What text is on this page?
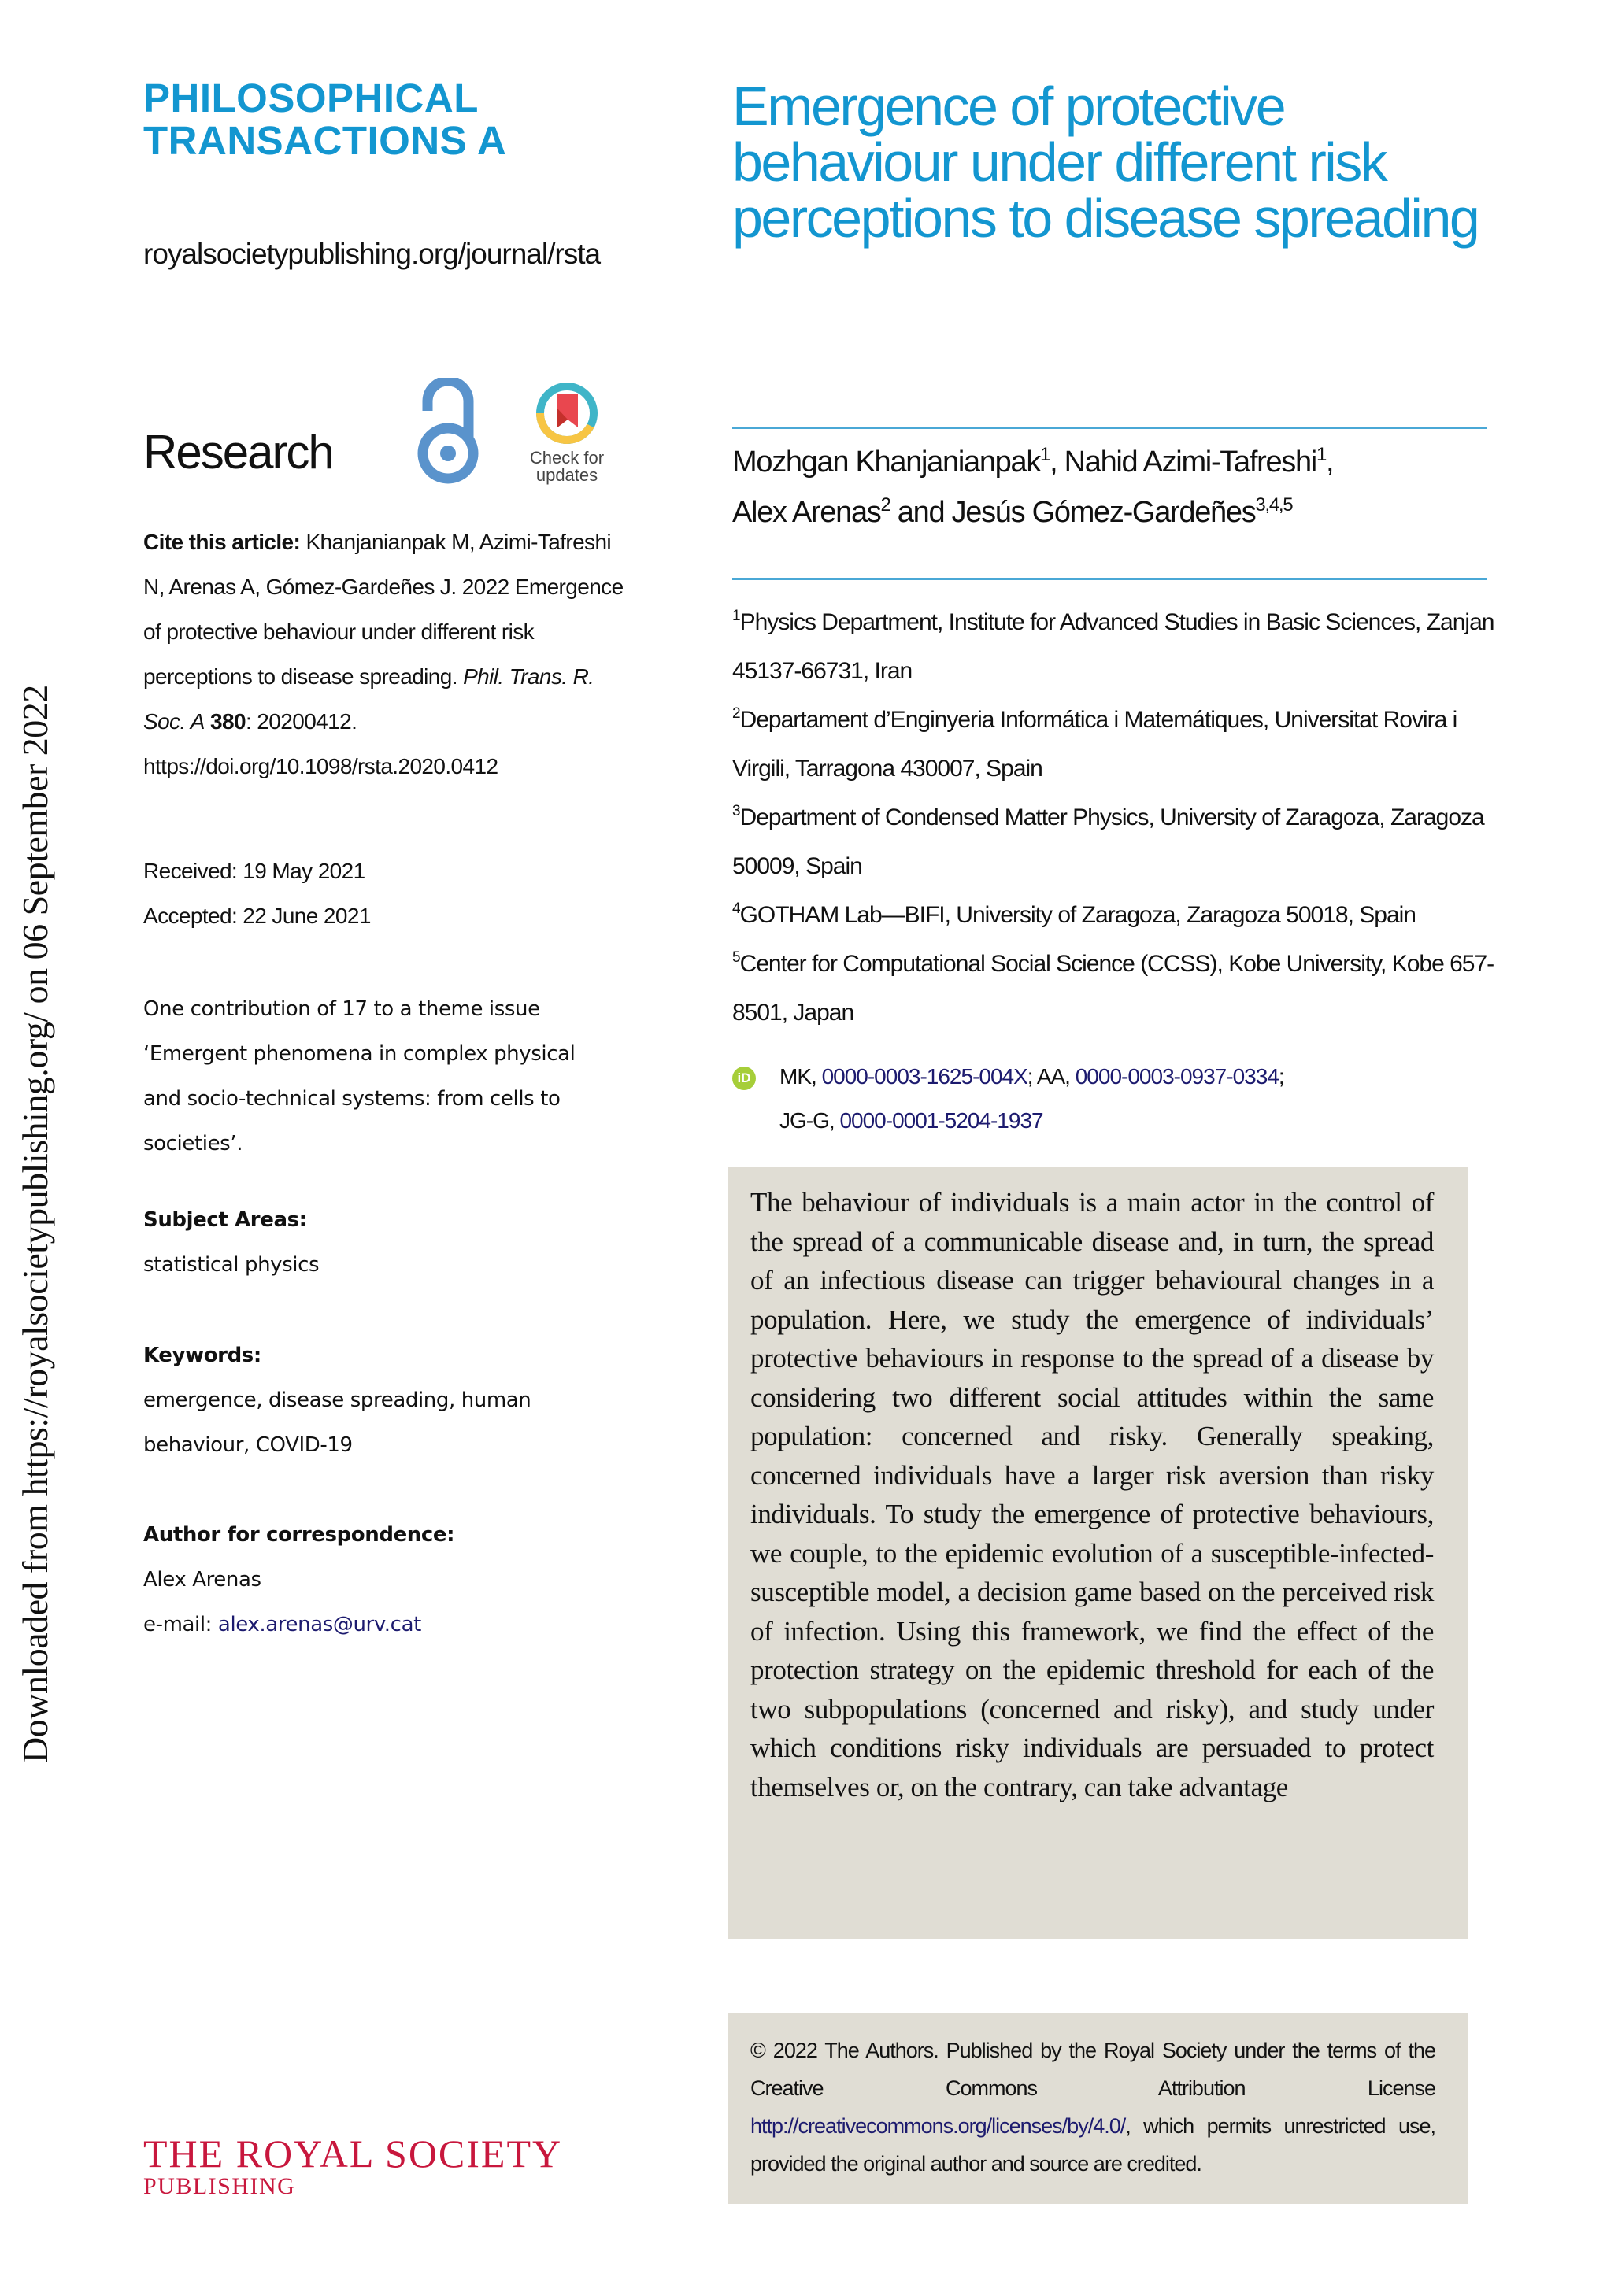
Downloaded from https://royalsocietypublishing.org/ on 06 September 2022
PHILOSOPHICAL
TRANSACTIONS A
royalsocietypublishing.org/journal/rsta
Research	Check for
updates
Cite this article: Khanjanianpak M, Azimi-Tafreshi N, Arenas A, Gómez-Gardeñes J. 2022 Emergence of protective behaviour under different risk perceptions to disease spreading. Phil. Trans. R. Soc. A 380: 20200412.
https://doi.org/10.1098/rsta.2020.0412
Received: 19 May 2021
Accepted: 22 June 2021
One contribution of 17 to a theme issue ‘Emergent phenomena in complex physical and socio-technical systems: from cells to societies’.
Subject Areas:
statistical physics
Keywords:
emergence, disease spreading, human behaviour, COVID-19
Author for correspondence:
Alex Arenas
e-mail: alex.arenas@urv.cat
THE ROYAL SOCIETY
PUBLISHING
Emergence of protective behaviour under different risk perceptions to disease spreading
Mozhgan Khanjanianpak$^1$, Nahid Azimi-Tafreshi$^1$,
Alex Arenas$^2$ and Jesús Gómez-Gardeñes$^{3,4,5}$
$^1$Physics Department, Institute for Advanced Studies in Basic Sciences, Zanjan 45137-66731, Iran
$^2$Departament d’Enginyeria Informática i Matemátiques, Universitat Rovira i Virgili, Tarragona 430007, Spain
$^3$Department of Condensed Matter Physics, University of Zaragoza, Zaragoza 50009, Spain
$^4$GOTHAM Lab—BIFI, University of Zaragoza, Zaragoza 50018, Spain
$^5$Center for Computational Social Science (CCSS), Kobe University, Kobe 657-8501, Japan
iD MK, 0000-0003-1625-004X; AA, 0000-0003-0937-0334;
JG-G, 0000-0001-5204-1937
The behaviour of individuals is a main actor in the control of the spread of a communicable disease and, in turn, the spread of an infectious disease can trigger behavioural changes in a population. Here, we study the emergence of individuals’ protective behaviours in response to the spread of a disease by considering two different social attitudes within the same population: concerned and risky. Generally speaking, concerned individuals have a larger risk aversion than risky individuals. To study the emergence of protective behaviours, we couple, to the epidemic evolution of a susceptible-infected-susceptible model, a decision game based on the perceived risk of infection. Using this framework, we find the effect of the protection strategy on the epidemic threshold for each of the two subpopulations (concerned and risky), and study under which conditions risky individuals are persuaded to protect themselves or, on the contrary, can take advantage
© 2022 The Authors. Published by the Royal Society under the terms of the Creative Commons Attribution License http://creativecommons.org/licenses/by/4.0/, which permits unrestricted use, provided the original author and source are credited.
